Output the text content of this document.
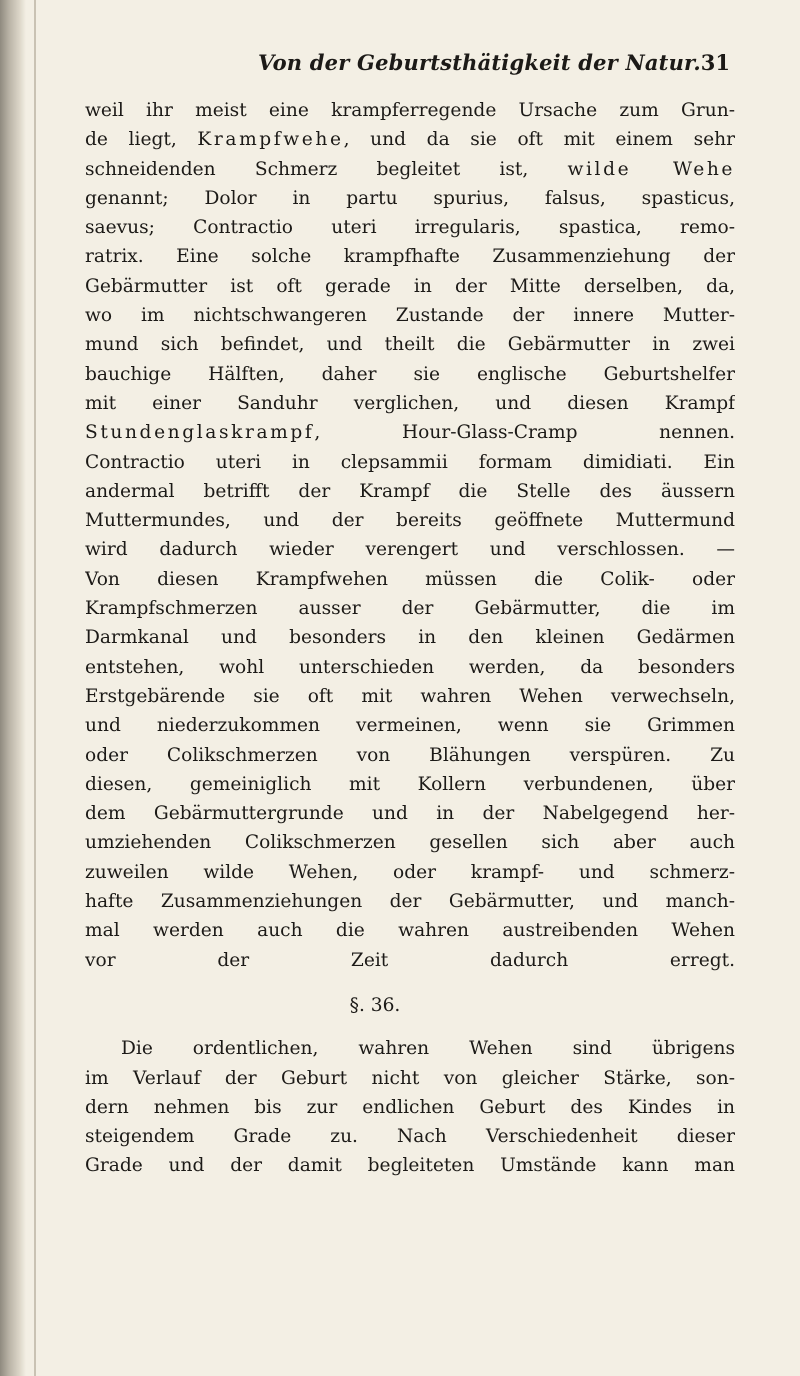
Von der Geburtsthätigkeit der Natur. 31
weil ihr meist eine krampferregende Ursache zum Grun-
de liegt, Krampfwehe, und da sie oft mit einem sehr
schneidenden Schmerz begleitet ist, wilde Wehe
genannt; Dolor in partu spurius, falsus, spasticus,
saevus; Contractio uteri irregularis, spastica, remo-
ratrix. Eine solche krampfhafte Zusammenziehung der
Gebärmutter ist oft gerade in der Mitte derselben, da,
wo im nichtschwangeren Zustande der innere Mutter-
mund sich befindet, und theilt die Gebärmutter in zwei
bauchige Hälften, daher sie englische Geburtshelfer
mit einer Sanduhr verglichen, und diesen Krampf
Stundenglaskrampf, Hour-Glass-Cramp nennen.
Contractio uteri in clepsammii formam dimidiati. Ein
andermal betrifft der Krampf die Stelle des äussern
Muttermundes, und der bereits geöffnete Muttermund
wird dadurch wieder verengert und verschlossen. —
Von diesen Krampfwehen müssen die Colik- oder
Krampfschmerzen ausser der Gebärmutter, die im
Darmkanal und besonders in den kleinen Gedärmen
entstehen, wohl unterschieden werden, da besonders
Erstgebärende sie oft mit wahren Wehen verwechseln,
und niederzukommen vermeinen, wenn sie Grimmen
oder Colikschmerzen von Blähungen verspüren. Zu
diesen, gemeiniglich mit Kollern verbundenen, über
dem Gebärmuttergrunde und in der Nabelgegend her-
umziehenden Colikschmerzen gesellen sich aber auch
zuweilen wilde Wehen, oder krampf- und schmerz-
hafte Zusammenziehungen der Gebärmutter, und manch-
mal werden auch die wahren austreibenden Wehen
vor der Zeit dadurch erregt.
§. 36.
Die ordentlichen, wahren Wehen sind übrigens
im Verlauf der Geburt nicht von gleicher Stärke, son-
dern nehmen bis zur endlichen Geburt des Kindes in
steigendem Grade zu. Nach Verschiedenheit dieser
Grade und der damit begleiteten Umstände kann man
